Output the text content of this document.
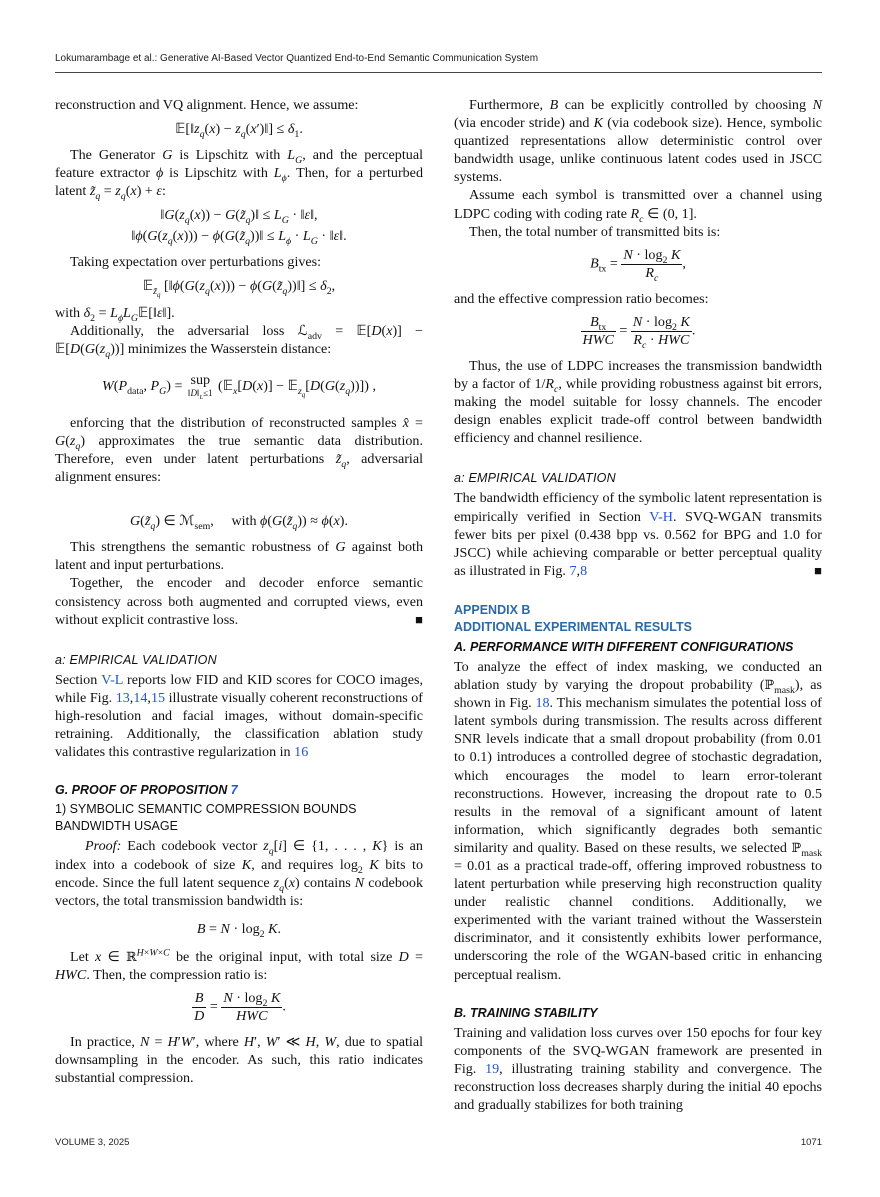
Lokumarambage et al.: Generative AI-Based Vector Quantized End-to-End Semantic Communication System

reconstruction and VQ alignment. Hence, we assume:

$𝔼[‖z_q(x)$ − $z_q(x')‖] \le \delta_1$.

The Generator G is Lipschitz with $L_G$, and the perceptual feature extractor ϕ is Lipschitz with $L_\phi$. Then, for a perturbed latent $z̃_q = z_q(x) + \varepsilon$:

$‖G(z_q(x))$ − $G(z̃_q)‖ \le L_G$ · ‖ε‖,
$‖\phi(G(z_q(x)))$ − $\phi(G(z̃_q))‖ \le L_\phi \cdot L_G$ · ‖ε‖.

Taking expectation over perturbations gives:

𝔼$_{z̃_q}$ [$‖\phi(G(z_q(x)))$ − $\phi(G(z̃_q))‖] \le \delta_2$,

with $\delta_2$ = $L_\phi L_G𝔼[‖\varepsilon‖]$.

Additionally, the adversarial loss ℒ$_{adv}$ = 𝔼[D(x)] − $𝔼[D(G(z_q))]$ minimizes the Wasserstein distance:

$W(P_{data}$, $P_G$) = sup
$‖D‖_L\le 1$ (𝔼$_x$[D(x)] − $𝔼_{z_q}[D(G(z_q))]$) ,

enforcing that the distribution of reconstructed samples x̂ = $G(z_q)$ approximates the true semantic data distribution. Therefore, even under latent perturbations $z̃_q$, adversarial alignment ensures:

$G(z̃_q)$ ∈ ℳ$_{sem}$,     with $\phi(G(z̃_q)) \approx \phi(x)$.

This strengthens the semantic robustness of G against both latent and input perturbations.

Together, the encoder and decoder enforce semantic consistency across both augmented and corrupted views, even without explicit contrastive loss.	■

a: EMPIRICAL VALIDATION

Section V-L reports low FID and KID scores for COCO images, while Fig. 13,14,15 illustrate visually coherent reconstructions of high-resolution and facial images, without domain-specific retraining. Additionally, the classification ablation study validates this contrastive regularization in 16

G. PROOF OF PROPOSITION 7
1) SYMBOLIC SEMANTIC COMPRESSION BOUNDS BANDWIDTH USAGE

Proof: Each codebook vector $z_q[i]$ ∈ {1, . . . , K} is an index into a codebook of size K, and requires $\log_2 K$ bits to encode. Since the full latent sequence $z_q(x)$ contains N codebook vectors, the total transmission bandwidth is:

$B = N \cdot \log_2 K$.

Let x ∈ ℝ$^{H\times W\times C}$ be the original input, with total size D = HWC. Then, the compression ratio is:

$\frac{B}{D} = \frac{N \cdot \log_2 K}{\text{HWC}}$ .

In practice, N = H′W′, where H′, W′ ≪ H, W, due to spatial downsampling in the encoder. As such, this ratio indicates substantial compression.

Furthermore, B can be explicitly controlled by choosing N (via encoder stride) and K (via codebook size). Hence, symbolic quantized representations allow deterministic control over bandwidth usage, unlike continuous latent codes used in JSCC systems.

Assume each symbol is transmitted over a channel using LDPC coding with coding rate $R_c$ ∈ (0, 1].

Then, the total number of transmitted bits is:

$B_{tx} = \frac{N \cdot \log_2 K}{R_c}$ ,

and the effective compression ratio becomes:

$\frac{B_{tx}}{\text{HWC}} = \frac{N \cdot \log_2 K}{R_c \cdot HWC}$ .

Thus, the use of LDPC increases the transmission bandwidth by a factor of $1/R_c$, while providing robustness against bit errors, making the model suitable for lossy channels. The encoder design enables explicit trade-off control between bandwidth efficiency and channel resilience.

a: EMPIRICAL VALIDATION

The bandwidth efficiency of the symbolic latent representation is empirically verified in Section V-H. SVQ-WGAN transmits fewer bits per pixel (0.438 bpp vs. 0.562 for BPG and 1.0 for JSCC) while achieving comparable or better perceptual quality as illustrated in Fig. 7,8	■

APPENDIX B
ADDITIONAL EXPERIMENTAL RESULTS
A. PERFORMANCE WITH DIFFERENT CONFIGURATIONS

To analyze the effect of index masking, we conducted an ablation study by varying the dropout probability (ℙ$_{mask}$), as shown in Fig. 18. This mechanism simulates the potential loss of latent symbols during transmission. The results across different SNR levels indicate that a small dropout probability (from 0.01 to 0.1) introduces a controlled degree of stochastic degradation, which encourages the model to learn error-tolerant reconstructions. However, increasing the dropout rate to 0.5 results in the removal of a significant amount of latent information, which significantly degrades both semantic similarity and quality. Based on these results, we selected ℙ$_{mask}$ = 0.01 as a practical trade-off, offering improved robustness to latent perturbation while preserving high reconstruction quality under realistic channel conditions. Additionally, we experimented with the variant trained without the Wasserstein discriminator, and it consistently exhibits lower performance, underscoring the role of the WGAN-based critic in enhancing perceptual realism.

B. TRAINING STABILITY

Training and validation loss curves over 150 epochs for four key components of the SVQ-WGAN framework are presented in Fig. 19, illustrating training stability and convergence. The reconstruction loss decreases sharply during the initial 40 epochs and gradually stabilizes for both training

VOLUME 3, 2025	1071
